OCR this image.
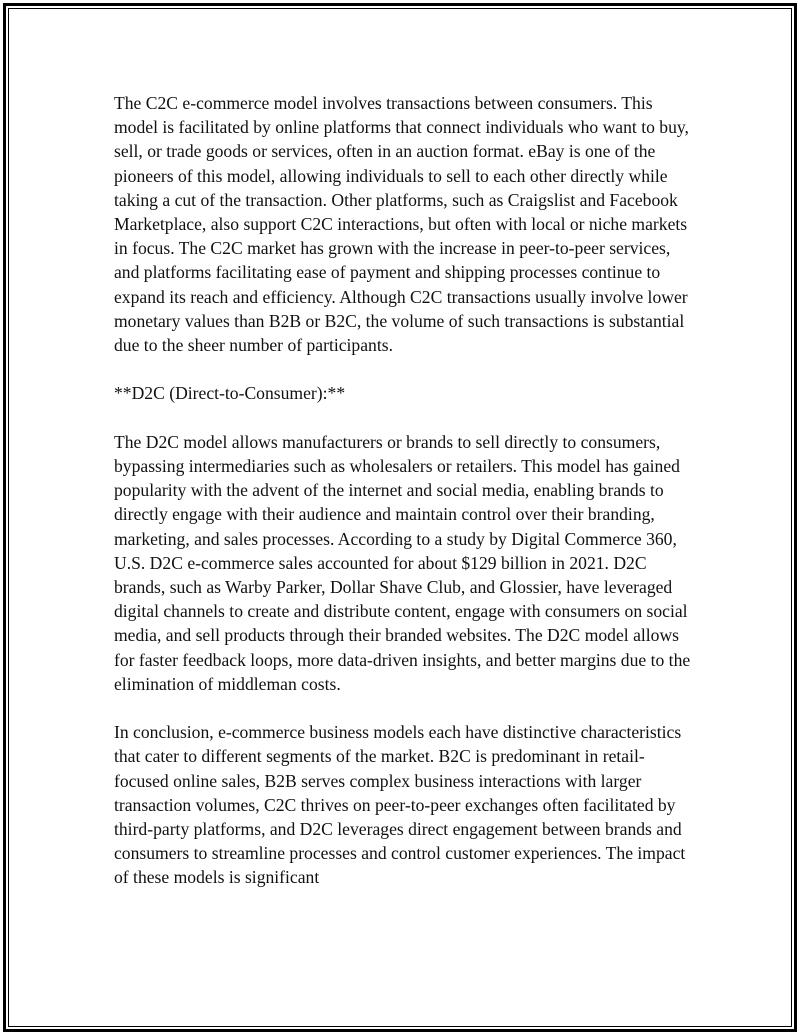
The C2C e-commerce model involves transactions between consumers. This model is facilitated by online platforms that connect individuals who want to buy, sell, or trade goods or services, often in an auction format. eBay is one of the pioneers of this model, allowing individuals to sell to each other directly while taking a cut of the transaction. Other platforms, such as Craigslist and Facebook Marketplace, also support C2C interactions, but often with local or niche markets in focus. The C2C market has grown with the increase in peer-to-peer services, and platforms facilitating ease of payment and shipping processes continue to expand its reach and efficiency. Although C2C transactions usually involve lower monetary values than B2B or B2C, the volume of such transactions is substantial due to the sheer number of participants.

**D2C (Direct-to-Consumer):**

The D2C model allows manufacturers or brands to sell directly to consumers, bypassing intermediaries such as wholesalers or retailers. This model has gained popularity with the advent of the internet and social media, enabling brands to directly engage with their audience and maintain control over their branding, marketing, and sales processes. According to a study by Digital Commerce 360, U.S. D2C e-commerce sales accounted for about $129 billion in 2021. D2C brands, such as Warby Parker, Dollar Shave Club, and Glossier, have leveraged digital channels to create and distribute content, engage with consumers on social media, and sell products through their branded websites. The D2C model allows for faster feedback loops, more data-driven insights, and better margins due to the elimination of middleman costs.

In conclusion, e-commerce business models each have distinctive characteristics that cater to different segments of the market. B2C is predominant in retail-focused online sales, B2B serves complex business interactions with larger transaction volumes, C2C thrives on peer-to-peer exchanges often facilitated by third-party platforms, and D2C leverages direct engagement between brands and consumers to streamline processes and control customer experiences. The impact of these models is significant
